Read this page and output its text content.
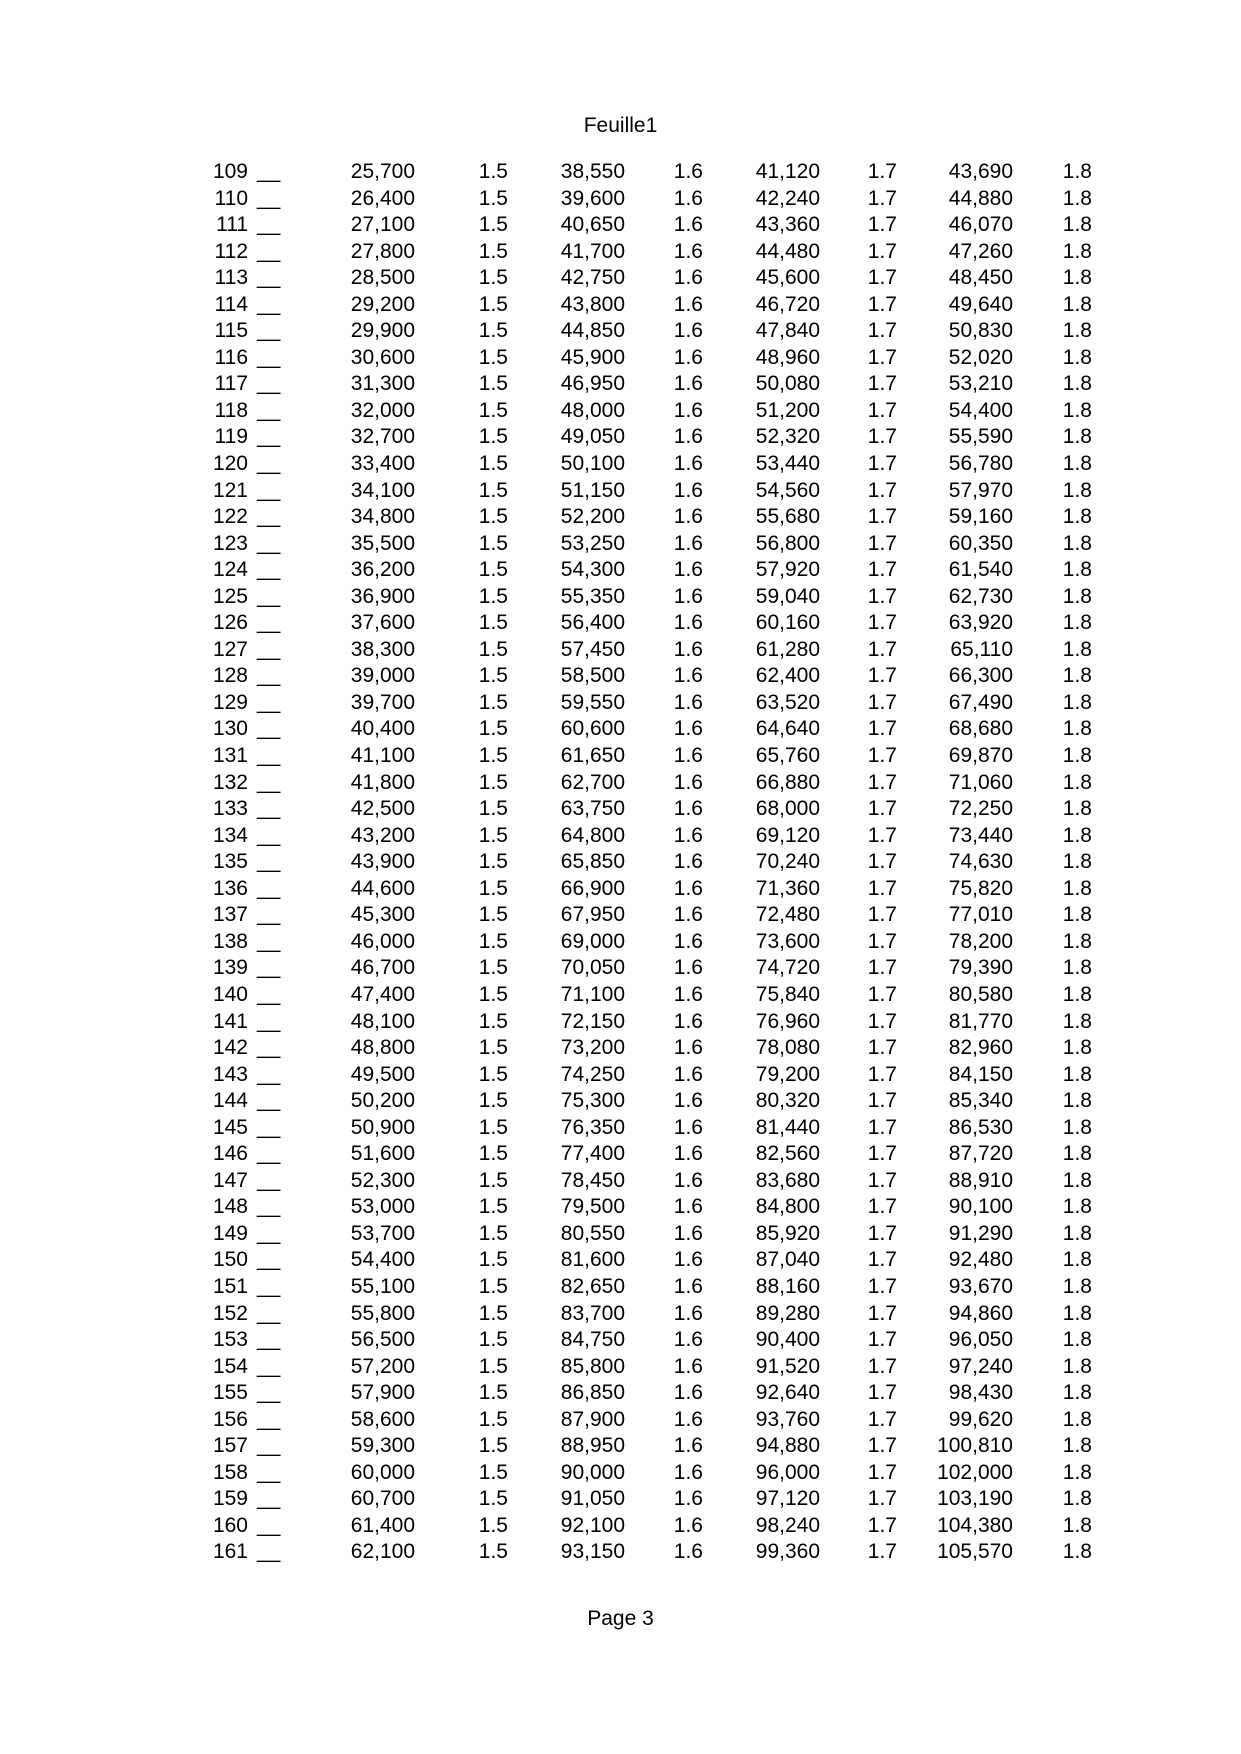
Feuille1
109 __	25,700	1.5	38,550	1.6	41,120	1.7	43,690	1.8
110 __	26,400	1.5	39,600	1.6	42,240	1.7	44,880	1.8
111 __	27,100	1.5	40,650	1.6	43,360	1.7	46,070	1.8
112 __	27,800	1.5	41,700	1.6	44,480	1.7	47,260	1.8
113 __	28,500	1.5	42,750	1.6	45,600	1.7	48,450	1.8
114 __	29,200	1.5	43,800	1.6	46,720	1.7	49,640	1.8
115 __	29,900	1.5	44,850	1.6	47,840	1.7	50,830	1.8
116 __	30,600	1.5	45,900	1.6	48,960	1.7	52,020	1.8
117 __	31,300	1.5	46,950	1.6	50,080	1.7	53,210	1.8
118 __	32,000	1.5	48,000	1.6	51,200	1.7	54,400	1.8
119 __	32,700	1.5	49,050	1.6	52,320	1.7	55,590	1.8
120 __	33,400	1.5	50,100	1.6	53,440	1.7	56,780	1.8
121 __	34,100	1.5	51,150	1.6	54,560	1.7	57,970	1.8
122 __	34,800	1.5	52,200	1.6	55,680	1.7	59,160	1.8
123 __	35,500	1.5	53,250	1.6	56,800	1.7	60,350	1.8
124 __	36,200	1.5	54,300	1.6	57,920	1.7	61,540	1.8
125 __	36,900	1.5	55,350	1.6	59,040	1.7	62,730	1.8
126 __	37,600	1.5	56,400	1.6	60,160	1.7	63,920	1.8
127 __	38,300	1.5	57,450	1.6	61,280	1.7	65,110	1.8
128 __	39,000	1.5	58,500	1.6	62,400	1.7	66,300	1.8
129 __	39,700	1.5	59,550	1.6	63,520	1.7	67,490	1.8
130 __	40,400	1.5	60,600	1.6	64,640	1.7	68,680	1.8
131 __	41,100	1.5	61,650	1.6	65,760	1.7	69,870	1.8
132 __	41,800	1.5	62,700	1.6	66,880	1.7	71,060	1.8
133 __	42,500	1.5	63,750	1.6	68,000	1.7	72,250	1.8
134 __	43,200	1.5	64,800	1.6	69,120	1.7	73,440	1.8
135 __	43,900	1.5	65,850	1.6	70,240	1.7	74,630	1.8
136 __	44,600	1.5	66,900	1.6	71,360	1.7	75,820	1.8
137 __	45,300	1.5	67,950	1.6	72,480	1.7	77,010	1.8
138 __	46,000	1.5	69,000	1.6	73,600	1.7	78,200	1.8
139 __	46,700	1.5	70,050	1.6	74,720	1.7	79,390	1.8
140 __	47,400	1.5	71,100	1.6	75,840	1.7	80,580	1.8
141 __	48,100	1.5	72,150	1.6	76,960	1.7	81,770	1.8
142 __	48,800	1.5	73,200	1.6	78,080	1.7	82,960	1.8
143 __	49,500	1.5	74,250	1.6	79,200	1.7	84,150	1.8
144 __	50,200	1.5	75,300	1.6	80,320	1.7	85,340	1.8
145 __	50,900	1.5	76,350	1.6	81,440	1.7	86,530	1.8
146 __	51,600	1.5	77,400	1.6	82,560	1.7	87,720	1.8
147 __	52,300	1.5	78,450	1.6	83,680	1.7	88,910	1.8
148 __	53,000	1.5	79,500	1.6	84,800	1.7	90,100	1.8
149 __	53,700	1.5	80,550	1.6	85,920	1.7	91,290	1.8
150 __	54,400	1.5	81,600	1.6	87,040	1.7	92,480	1.8
151 __	55,100	1.5	82,650	1.6	88,160	1.7	93,670	1.8
152 __	55,800	1.5	83,700	1.6	89,280	1.7	94,860	1.8
153 __	56,500	1.5	84,750	1.6	90,400	1.7	96,050	1.8
154 __	57,200	1.5	85,800	1.6	91,520	1.7	97,240	1.8
155 __	57,900	1.5	86,850	1.6	92,640	1.7	98,430	1.8
156 __	58,600	1.5	87,900	1.6	93,760	1.7	99,620	1.8
157 __	59,300	1.5	88,950	1.6	94,880	1.7	100,810	1.8
158 __	60,000	1.5	90,000	1.6	96,000	1.7	102,000	1.8
159 __	60,700	1.5	91,050	1.6	97,120	1.7	103,190	1.8
160 __	61,400	1.5	92,100	1.6	98,240	1.7	104,380	1.8
161 __	62,100	1.5	93,150	1.6	99,360	1.7	105,570	1.8
Page 3
